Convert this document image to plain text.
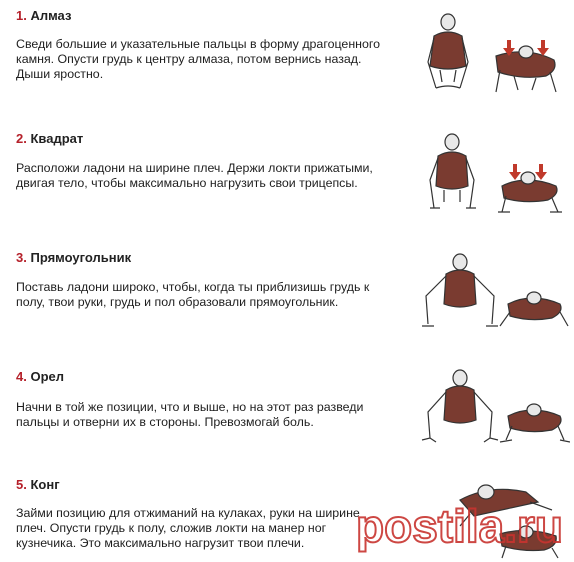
1. Алмаз
Сведи большие и указательные пальцы в форму драгоценного
камня. Опусти грудь к центру алмаза, потом вернись назад.
Дыши яростно.
2. Квадрат
Расположи ладони на ширине плеч. Держи локти прижатыми,
двигая тело, чтобы максимально нагрузить свои трицепсы.
3. Прямоугольник
Поставь ладони широко, чтобы, когда ты приблизишь грудь к
полу, твои руки, грудь и пол образовали прямоугольник.
4. Орел
Начни в той же позиции, что и выше, но на этот раз разведи
пальцы и отверни их в стороны. Превозмогай боль.
5. Конг
Займи позицию для отжиманий на кулаках, руки на ширине
плеч. Опусти грудь к полу, сложив локти на манер ног
кузнечика. Это максимально нагрузит твои плечи.	postila.ru
